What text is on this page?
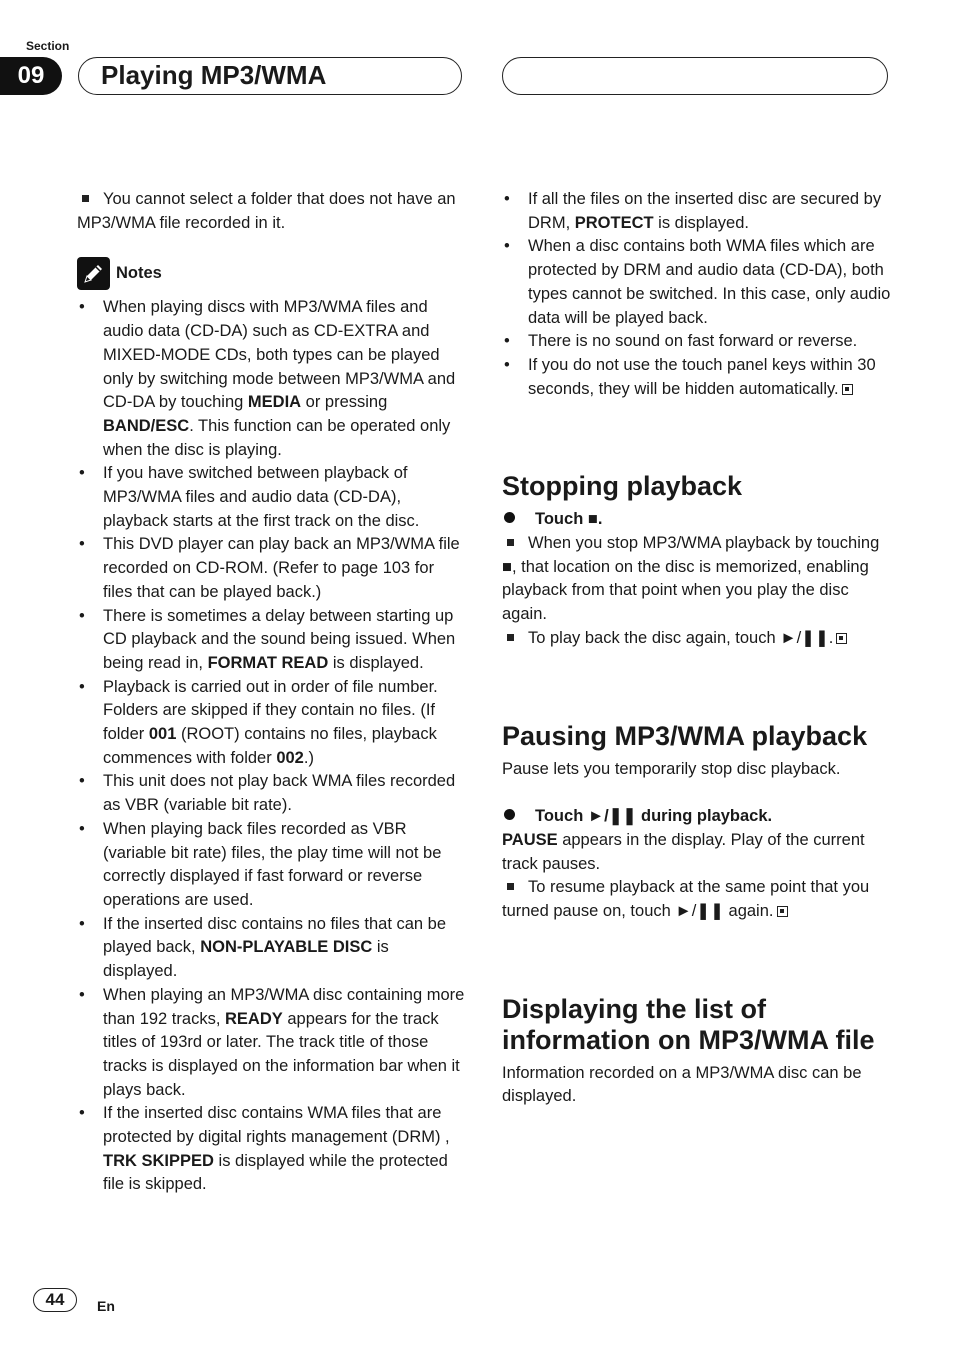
Section
09	Playing MP3/WMA

You cannot select a folder that does not have an MP3/WMA file recorded in it.

Notes

• When playing discs with MP3/WMA files and audio data (CD-DA) such as CD-EXTRA and MIXED-MODE CDs, both types can be played only by switching mode between MP3/WMA and CD-DA by touching MEDIA or pressing BAND/ESC. This function can be operated only when the disc is playing.

• If you have switched between playback of MP3/WMA files and audio data (CD-DA), playback starts at the first track on the disc.

• This DVD player can play back an MP3/WMA file recorded on CD-ROM. (Refer to page 103 for files that can be played back.)

• There is sometimes a delay between starting up CD playback and the sound being issued. When being read in, FORMAT READ is displayed.

• Playback is carried out in order of file number. Folders are skipped if they contain no files. (If folder 001 (ROOT) contains no files, playback commences with folder 002.)

• This unit does not play back WMA files recorded as VBR (variable bit rate).

• When playing back files recorded as VBR (variable bit rate) files, the play time will not be correctly displayed if fast forward or reverse operations are used.

• If the inserted disc contains no files that can be played back, NON-PLAYABLE DISC is displayed.

• When playing an MP3/WMA disc containing more than 192 tracks, READY appears for the track titles of 193rd or later. The track title of those tracks is displayed on the information bar when it plays back.

• If the inserted disc contains WMA files that are protected by digital rights management (DRM) , TRK SKIPPED is displayed while the protected file is skipped.

• If all the files on the inserted disc are secured by DRM, PROTECT is displayed.

• When a disc contains both WMA files which are protected by DRM and audio data (CD-DA), both types cannot be switched. In this case, only audio data will be played back.

• There is no sound on fast forward or reverse.

• If you do not use the touch panel keys within 30 seconds, they will be hidden automatically.

Stopping playback

Touch ■.

When you stop MP3/WMA playback by touching ■, that location on the disc is memorized, enabling playback from that point when you play the disc again.

To play back the disc again, touch ►/❚❚.

Pausing MP3/WMA playback

Pause lets you temporarily stop disc playback.

Touch ►/❚❚ during playback.

PAUSE appears in the display. Play of the current track pauses.

To resume playback at the same point that you turned pause on, touch ►/❚❚ again.

Displaying the list of information on MP3/WMA file

Information recorded on a MP3/WMA disc can be displayed.

44	En
